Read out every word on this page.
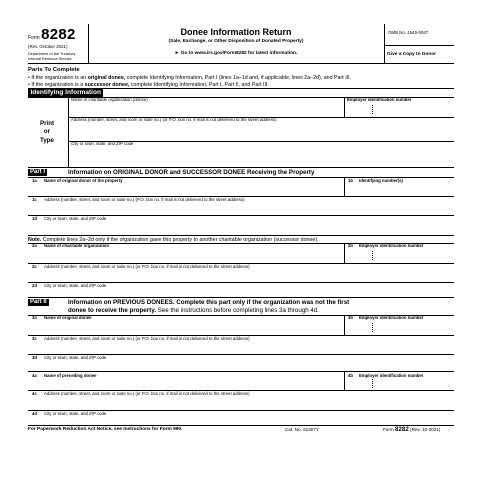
Form 8282
(Rev. October 2021)
Department of the Treasury
Internal Revenue Service
Donee Information Return
(Sale, Exchange, or Other Disposition of Donated Property)
► Go to www.irs.gov/Form8282 for latest information.
OMB No. 1545-0047
Give a Copy to Donor
Parts To Complete
• If the organization is an original donee, complete Identifying Information, Part I (lines 1a–1d and, if applicable, lines 2a–2d), and Part III.
• If the organization is a successor donee, complete Identifying Information, Part I, Part II, and Part III.
Identifying Information
Print
or
Type
Name of charitable organization (donee)	Employer identification number
Address (number, street, and room or suite no.) (or P.O. box no. if mail is not delivered to the street address)
City or town, state, and ZIP code
Part I	Information on ORIGINAL DONOR and SUCCESSOR DONEE Receiving the Property
1a Name of original donor of the property	1b Identifying number(s)
1c Address (number, street, and room or suite no.) (P.O. box no. if mail is not delivered to the street address)
1d City or town, state, and ZIP code
Note. Complete lines 2a–2d only if the organization gave this property to another charitable organization (successor donee).
2a Name of charitable organization	2b Employer identification number
2c Address (number, street, and room or suite no.) (or P.O. box no. if mail is not delivered to the street address)
2d City or town, state, and ZIP code
Part II	Information on PREVIOUS DONEES. Complete this part only if the organization was not the first
donee to receive the property. See the instructions before completing lines 3a through 4d.
3a Name of original donee	3b Employer identification number
3c Address (number, street, and room or suite no.) (or P.O. box no. if mail is not delivered to the street address)
3d City or town, state, and ZIP code
4a Name of preceding donee	4b Employer identification number
4c Address (number, street, and room or suite no.) (or P.O. box no. if mail is not delivered to the street address)
4d City or town, state, and ZIP code
For Paperwork Reduction Act Notice, see Instructions for Form 990.	Cat. No. 62307Y	Form 8282 (Rev. 10-2021)
